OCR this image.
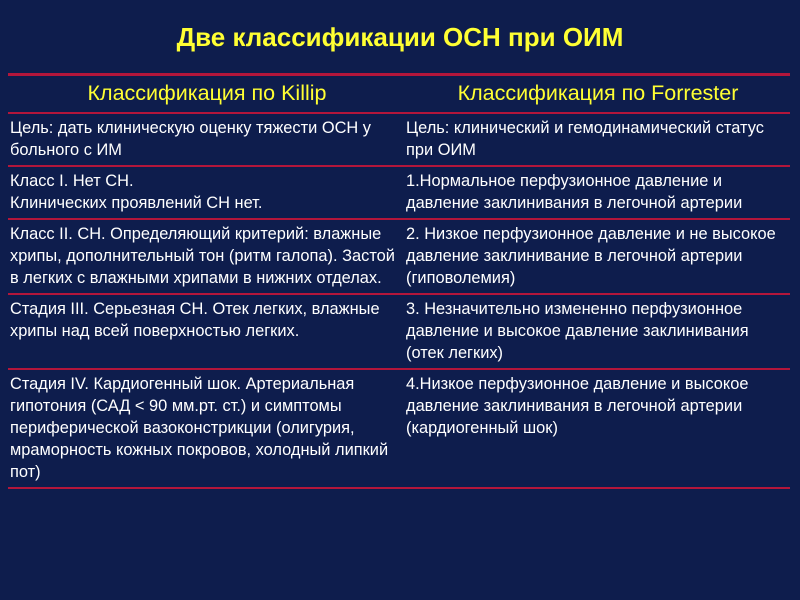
Две классификации ОСН при ОИМ
Классификация по Killip	Классификация по Forrester
Цель: дать клиническую оценку тяжести ОСН у больного с ИМ	Цель: клинический и гемодинамический статус при ОИМ
Класс I. Нет СН.
Клинических проявлений СН нет.	1.Нормальное перфузионное давление и давление заклинивания в легочной артерии
Класс II. СН. Определяющий критерий: влажные хрипы, дополнительный тон (ритм галопа). Застой в легких с влажными хрипами в нижних отделах.	2. Низкое перфузионное давление и не высокое давление заклинивание в легочной артерии (гиповолемия)
Стадия III. Серьезная СН. Отек легких, влажные хрипы над всей поверхностью легких.	3. Незначительно измененно перфузионное давление и высокое давление заклинивания (отек легких)
Стадия IV. Кардиогенный шок. Артериальная гипотония (САД < 90 мм.рт. ст.) и симптомы периферической вазоконстрикции (олигурия, мраморность кожных покровов, холодный липкий пот)	4.Низкое перфузионное давление и высокое давление заклинивания в легочной артерии (кардиогенный шок)
